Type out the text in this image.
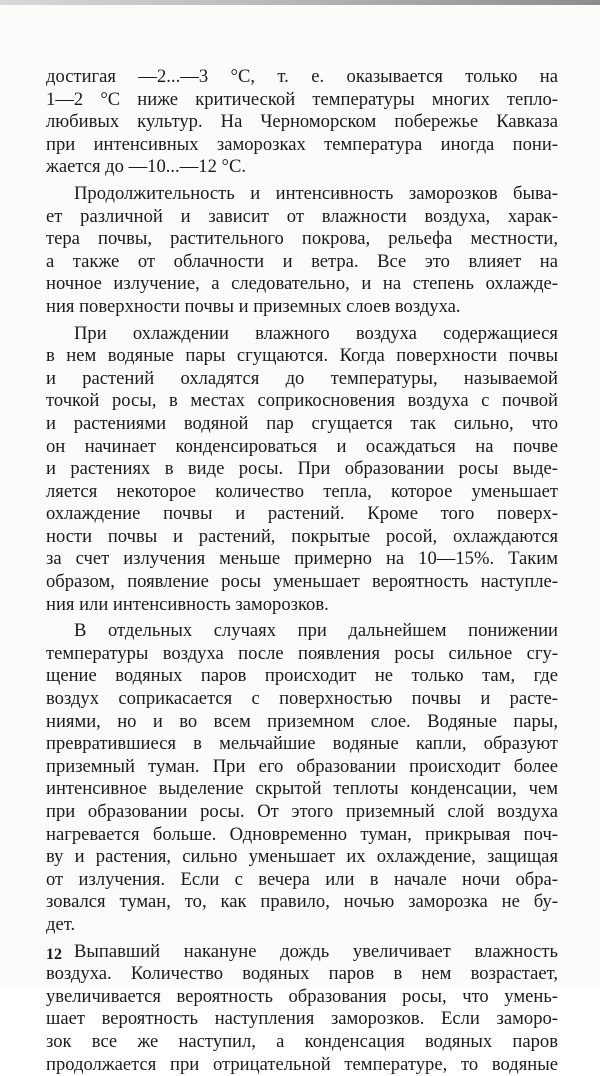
достигая —2...—3 °С, т. е. оказывается только на
1—2 °С ниже критической температуры многих тепло-
любивых культур. На Черноморском побережье Кавказа
при интенсивных заморозках температура иногда пони-
жается до —10...—12 °С.
Продолжительность и интенсивность заморозков быва-
ет различной и зависит от влажности воздуха, харак-
тера почвы, растительного покрова, рельефа местности,
а также от облачности и ветра. Все это влияет на
ночное излучение, а следовательно, и на степень охлажде-
ния поверхности почвы и приземных слоев воздуха.
При охлаждении влажного воздуха содержащиеся
в нем водяные пары сгущаются. Когда поверхности почвы
и растений охладятся до температуры, называемой
точкой росы, в местах соприкосновения воздуха с почвой
и растениями водяной пар сгущается так сильно, что
он начинает конденсироваться и осаждаться на почве
и растениях в виде росы. При образовании росы выде-
ляется некоторое количество тепла, которое уменьшает
охлаждение почвы и растений. Кроме того поверх-
ности почвы и растений, покрытые росой, охлаждаются
за счет излучения меньше примерно на 10—15%. Таким
образом, появление росы уменьшает вероятность наступле-
ния или интенсивность заморозков.
В отдельных случаях при дальнейшем понижении
температуры воздуха после появления росы сильное сгу-
щение водяных паров происходит не только там, где
воздух соприкасается с поверхностью почвы и расте-
ниями, но и во всем приземном слое. Водяные пары,
превратившиеся в мельчайшие водяные капли, образуют
приземный туман. При его образовании происходит более
интенсивное выделение скрытой теплоты конденсации, чем
при образовании росы. От этого приземный слой воздуха
нагревается больше. Одновременно туман, прикрывая поч-
ву и растения, сильно уменьшает их охлаждение, защищая
от излучения. Если с вечера или в начале ночи обра-
зовался туман, то, как правило, ночью заморозка не бу-
дет.
Выпавший накануне дождь увеличивает влажность
воздуха. Количество водяных паров в нем возрастает,
увеличивается вероятность образования росы, что умень-
шает вероятность наступления заморозков. Если заморо-
зок все же наступил, а конденсация водяных паров
продолжается при отрицательной температуре, то водяные
12
